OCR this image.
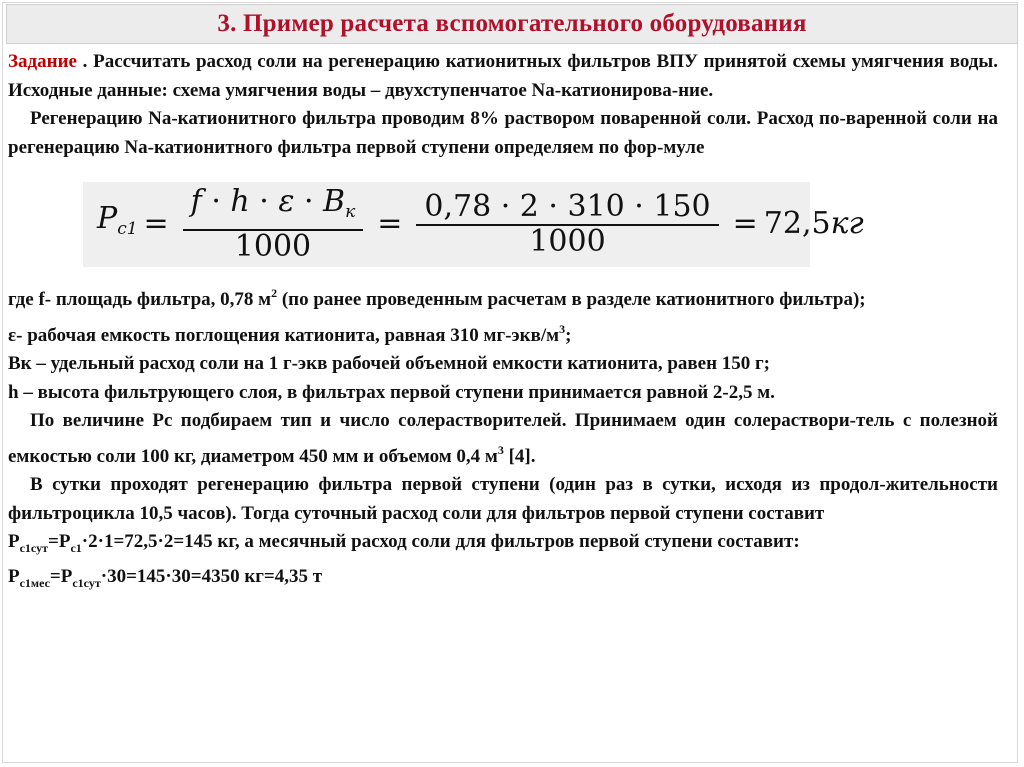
3. Пример расчета вспомогательного оборудования

Задание . Рассчитать расход соли на регенерацию катионитных фильтров ВПУ принятой схемы умягчения воды. Исходные данные: схема умягчения воды – двухступенчатое Na-катионирова-ние.

Регенерацию Na-катионитного фильтра проводим 8% раствором поваренной соли. Расход по-варенной соли на регенерацию Na-катионитного фильтра первой ступени определяем по фор-муле

$P_{c1} = \frac{f \cdot h \cdot \varepsilon \cdot B_к}{1000} = \frac{0,78 \cdot 2 \cdot 310 \cdot 150}{1000} = 72,5кг$

где f- площадь фильтра, 0,78 $м^2$ (по ранее проведенным расчетам в разделе катионитного фильтра);

ε- рабочая емкость поглощения катионита, равная 310 $мг-экв/м^3$;

Вк – удельный расход соли на 1 г-экв рабочей объемной емкости катионита, равен 150 г;

h – высота фильтрующего слоя, в фильтрах первой ступени принимается равной 2-2,5 м.

По величине Рс подбираем тип и число солерастворителей. Принимаем один солераствори-тель с полезной емкостью соли 100 кг, диаметром 450 мм и объемом 0,4 $м^3$ [4].

В сутки проходят регенерацию фильтра первой ступени (один раз в сутки, исходя из продол-жительности фильтроцикла 10,5 часов). Тогда суточный расход соли для фильтров первой ступени составит

$Р_{с1сут}=Р_{с1}\cdot 2\cdot 1=72,5\cdot 2=145$ кг, а месячный расход соли для фильтров первой ступени составит:

$Р_{с1мес}=Р_{с1сут}\cdot 30=145\cdot 30=4350$ кг=4,35 т
